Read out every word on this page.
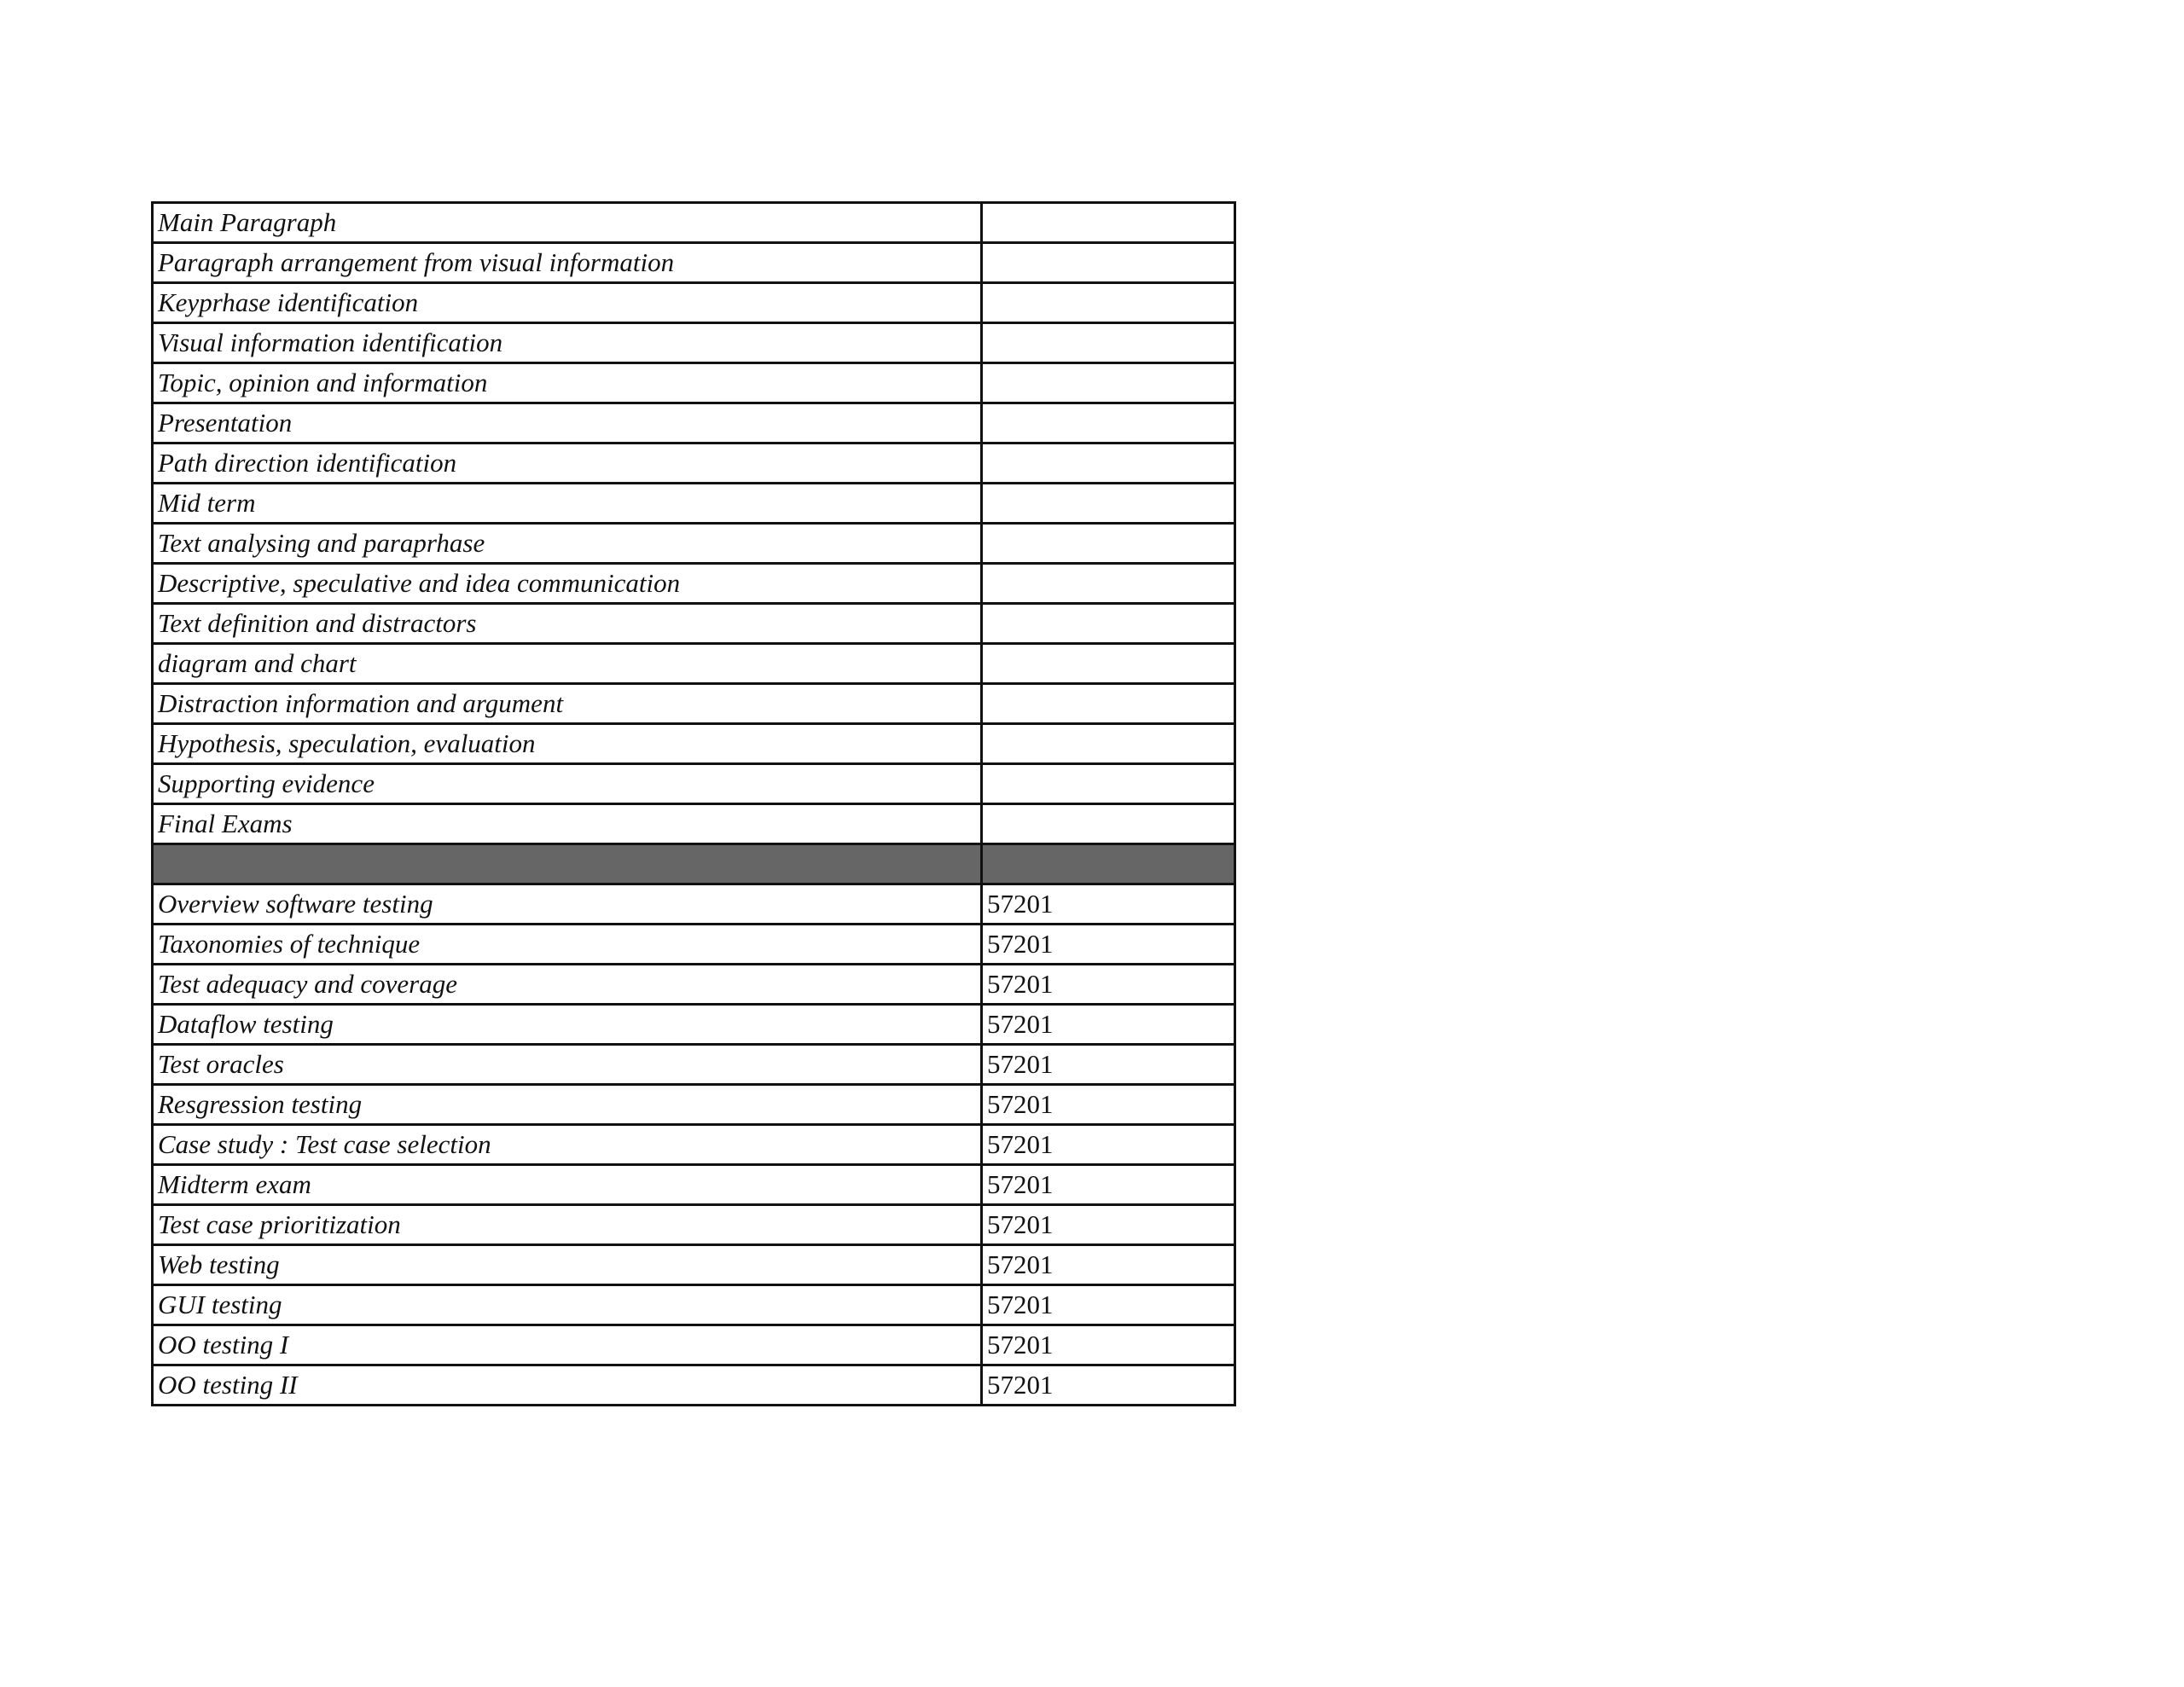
Main Paragraph	
Paragraph arrangement from visual information	
Keyprhase identification	
Visual information identification	
Topic, opinion and information	
Presentation	
Path direction identification	
Mid term	
Text analysing and paraprhase	
Descriptive, speculative and idea communication	
Text definition and distractors	
diagram and chart	
Distraction information and argument	
Hypothesis, speculation, evaluation	
Supporting evidence	
Final Exams	

Overview software testing	57201
Taxonomies of technique	57201
Test adequacy and coverage	57201
Dataflow testing	57201
Test oracles	57201
Resgression testing	57201
Case study : Test case selection	57201
Midterm exam	57201
Test case prioritization	57201
Web testing	57201
GUI testing	57201
OO testing I	57201
OO testing II	57201
